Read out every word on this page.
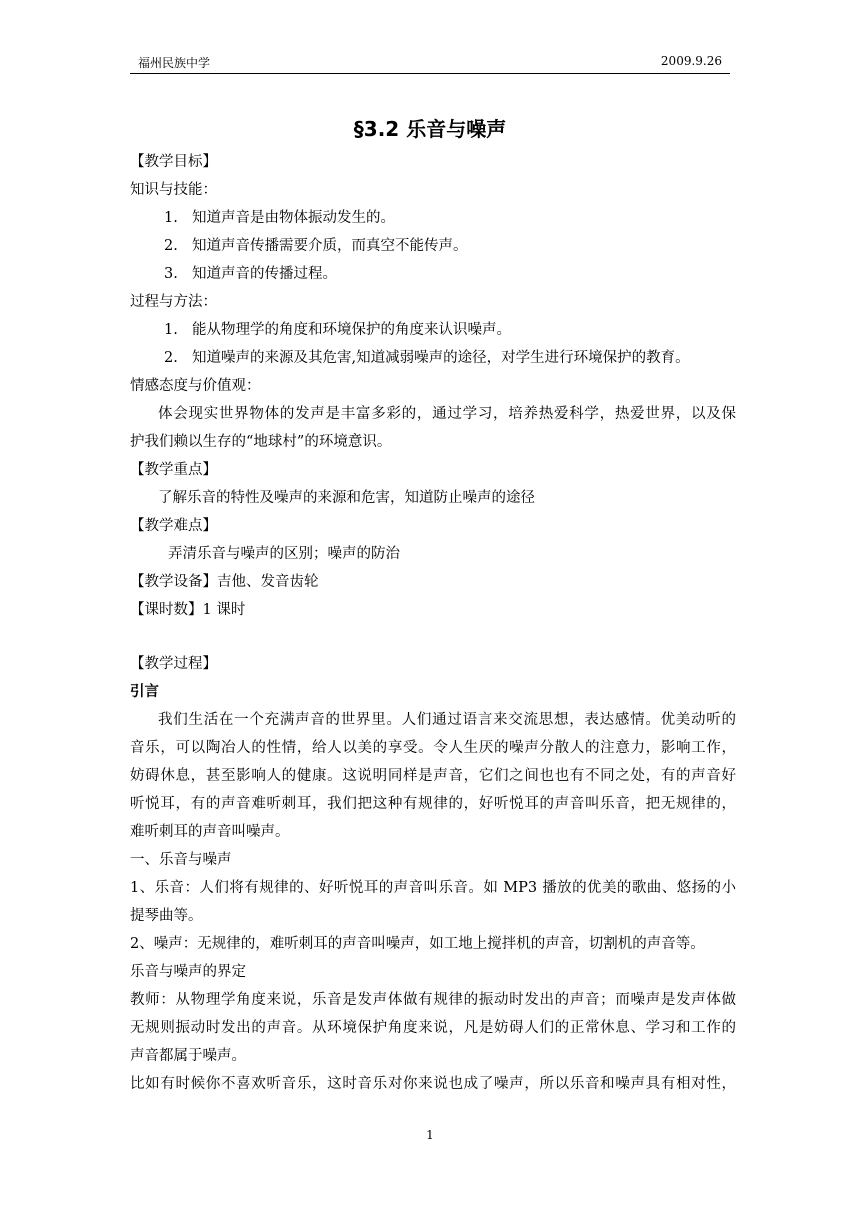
福州民族中学	2009.9.26
§3.2 乐音与噪声
【教学目标】
知识与技能：
1. 知道声音是由物体振动发生的。
2. 知道声音传播需要介质，而真空不能传声。
3. 知道声音的传播过程。
过程与方法：
1. 能从物理学的角度和环境保护的角度来认识噪声。
2. 知道噪声的来源及其危害,知道减弱噪声的途径，对学生进行环境保护的教育。
情感态度与价值观：
体会现实世界物体的发声是丰富多彩的，通过学习，培养热爱科学，热爱世界，以及保
护我们赖以生存的“地球村”的环境意识。
【教学重点】
了解乐音的特性及噪声的来源和危害，知道防止噪声的途径
【教学难点】
弄清乐音与噪声的区别；噪声的防治
【教学设备】吉他、发音齿轮
【课时数】1 课时
【教学过程】
引言
我们生活在一个充满声音的世界里。人们通过语言来交流思想，表达感情。优美动听的
音乐，可以陶冶人的性情，给人以美的享受。令人生厌的噪声分散人的注意力，影响工作，
妨碍休息，甚至影响人的健康。这说明同样是声音，它们之间也也有不同之处，有的声音好
听悦耳，有的声音难听刺耳，我们把这种有规律的，好听悦耳的声音叫乐音，把无规律的，
难听刺耳的声音叫噪声。
一、乐音与噪声
1、乐音：人们将有规律的、好听悦耳的声音叫乐音。如 MP3 播放的优美的歌曲、悠扬的小
提琴曲等。
2、噪声：无规律的，难听刺耳的声音叫噪声，如工地上搅拌机的声音，切割机的声音等。
乐音与噪声的界定
教师：从物理学角度来说，乐音是发声体做有规律的振动时发出的声音；而噪声是发声体做
无规则振动时发出的声音。从环境保护角度来说，凡是妨碍人们的正常休息、学习和工作的
声音都属于噪声。
比如有时候你不喜欢听音乐，这时音乐对你来说也成了噪声，所以乐音和噪声具有相对性，
1
